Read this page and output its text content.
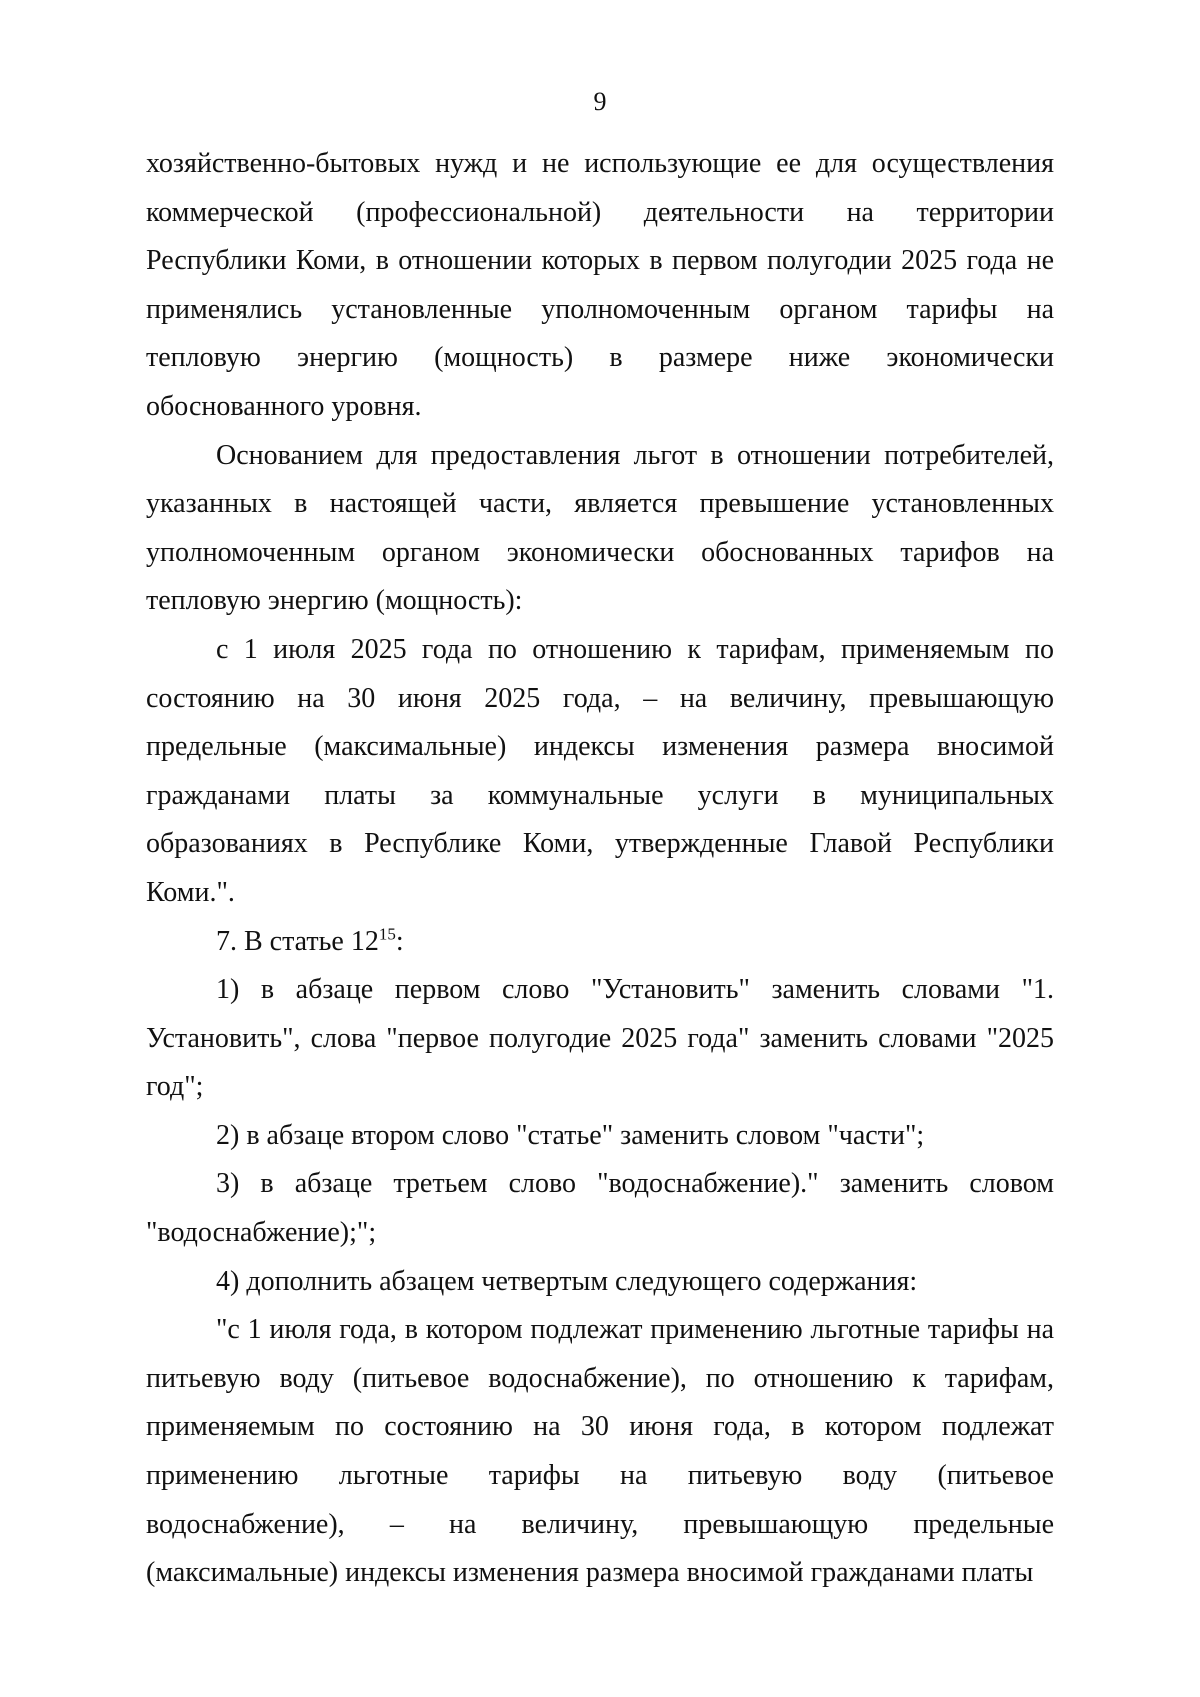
9

хозяйственно-бытовых нужд и не использующие ее для осуществления коммерческой (профессиональной) деятельности на территории Республики Коми, в отношении которых в первом полугодии 2025 года не применялись установленные уполномоченным органом тарифы на тепловую энергию (мощность) в размере ниже экономически обоснованного уровня.

Основанием для предоставления льгот в отношении потребителей, указанных в настоящей части, является превышение установленных уполномоченным органом экономически обоснованных тарифов на тепловую энергию (мощность):

с 1 июля 2025 года по отношению к тарифам, применяемым по состоянию на 30 июня 2025 года, – на величину, превышающую предельные (максимальные) индексы изменения размера вносимой гражданами платы за коммунальные услуги в муниципальных образованиях в Республике Коми, утвержденные Главой Республики Коми.".

7. В статье $12^{15}$:

1) в абзаце первом слово "Установить" заменить словами "1. Установить", слова "первое полугодие 2025 года" заменить словами "2025 год";

2) в абзаце втором слово "статье" заменить словом "части";

3) в абзаце третьем слово "водоснабжение)." заменить словом "водоснабжение);";

4) дополнить абзацем четвертым следующего содержания:

"с 1 июля года, в котором подлежат применению льготные тарифы на питьевую воду (питьевое водоснабжение), по отношению к тарифам, применяемым по состоянию на 30 июня года, в котором подлежат применению льготные тарифы на питьевую воду (питьевое водоснабжение), – на величину, превышающую предельные (максимальные) индексы изменения размера вносимой гражданами платы
